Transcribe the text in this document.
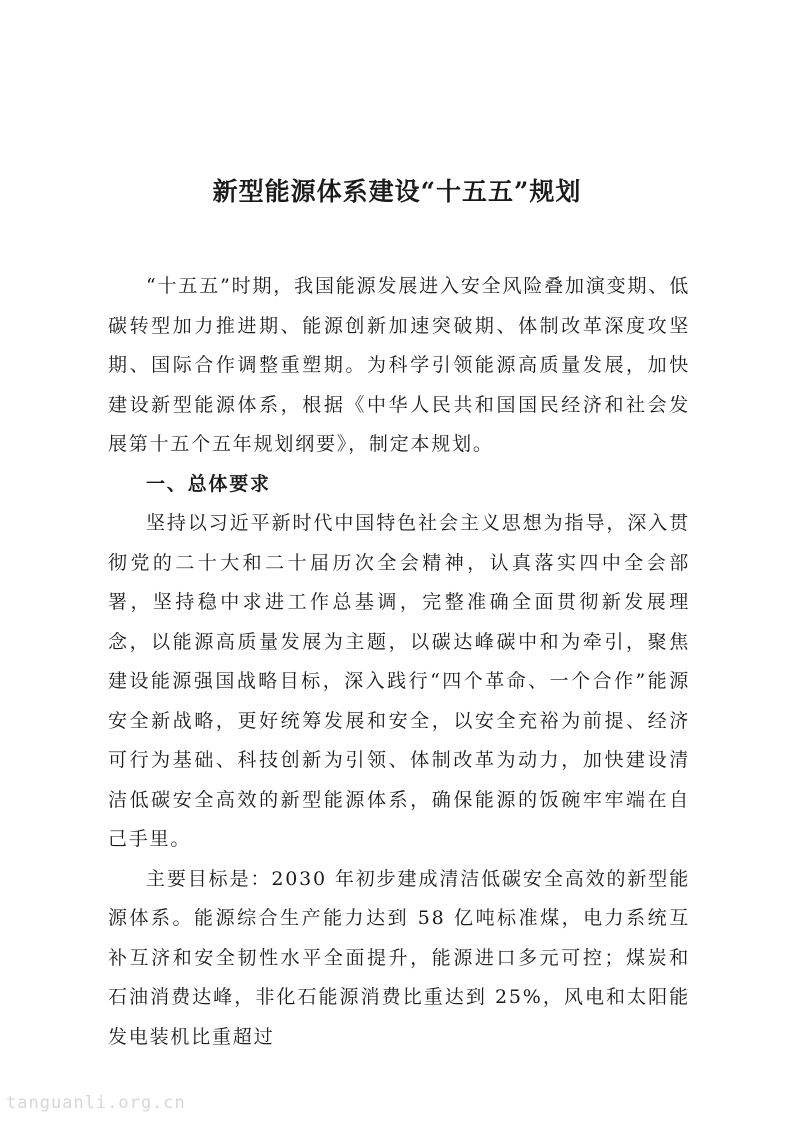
新型能源体系建设“十五五”规划

“十五五”时期，我国能源发展进入安全风险叠加演变期、低碳转型加力推进期、能源创新加速突破期、体制改革深度攻坚期、国际合作调整重塑期。为科学引领能源高质量发展，加快建设新型能源体系，根据《中华人民共和国国民经济和社会发展第十五个五年规划纲要》，制定本规划。

一、总体要求

坚持以习近平新时代中国特色社会主义思想为指导，深入贯彻党的二十大和二十届历次全会精神，认真落实四中全会部署，坚持稳中求进工作总基调，完整准确全面贯彻新发展理念，以能源高质量发展为主题，以碳达峰碳中和为牵引，聚焦建设能源强国战略目标，深入践行“四个革命、一个合作”能源安全新战略，更好统筹发展和安全，以安全充裕为前提、经济可行为基础、科技创新为引领、体制改革为动力，加快建设清洁低碳安全高效的新型能源体系，确保能源的饭碗牢牢端在自己手里。

主要目标是：2030 年初步建成清洁低碳安全高效的新型能源体系。能源综合生产能力达到 58 亿吨标准煤，电力系统互补互济和安全韧性水平全面提升，能源进口多元可控；煤炭和石油消费达峰，非化石能源消费比重达到 25%，风电和太阳能发电装机比重超过

tanguanli.org.cn
